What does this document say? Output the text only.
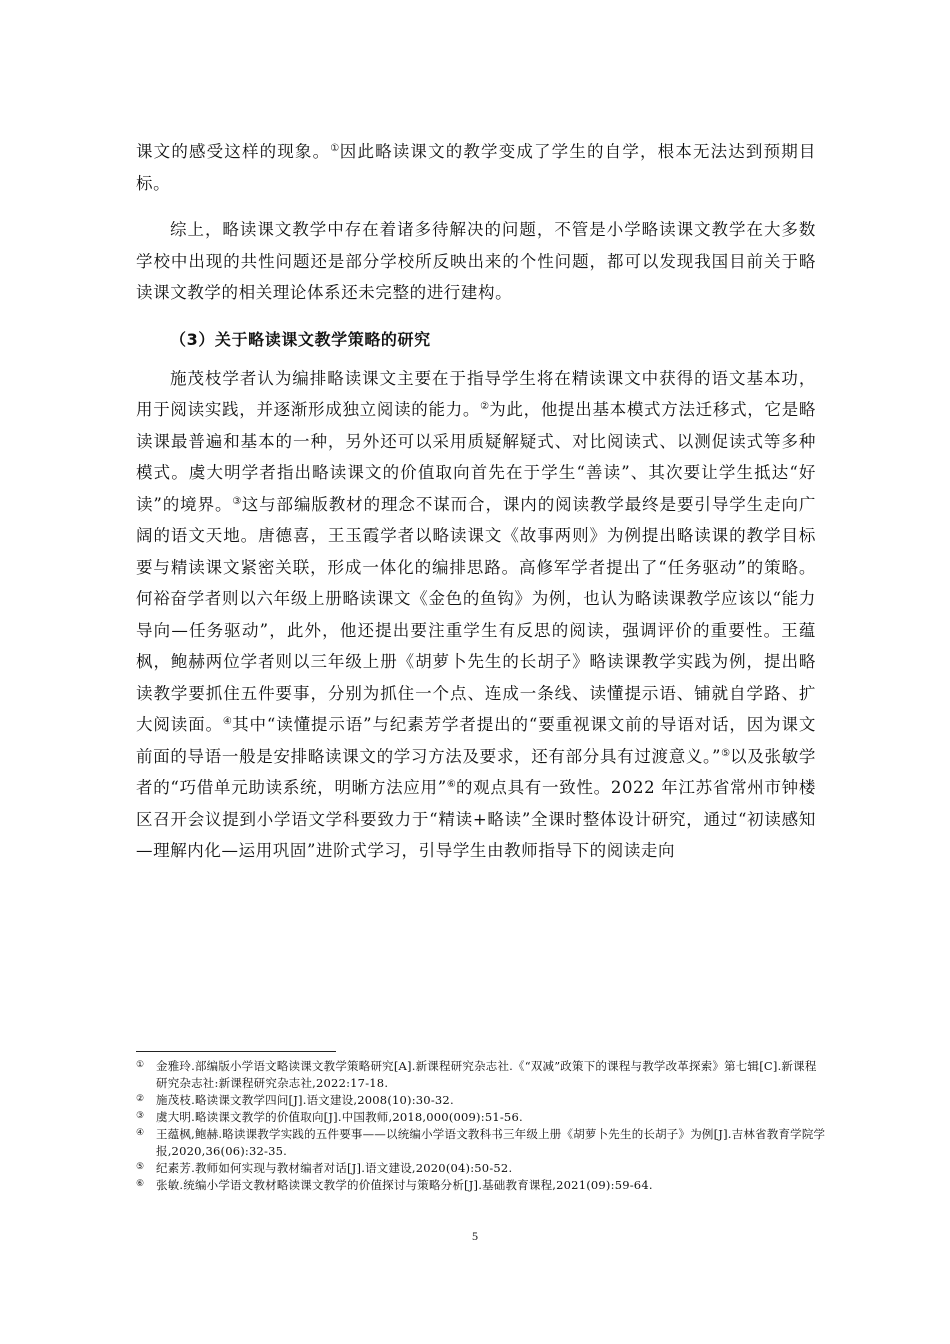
课文的感受这样的现象。①因此略读课文的教学变成了学生的自学，根本无法达到预期目标。

综上，略读课文教学中存在着诸多待解决的问题，不管是小学略读课文教学在大多数学校中出现的共性问题还是部分学校所反映出来的个性问题，都可以发现我国目前关于略读课文教学的相关理论体系还未完整的进行建构。

（3）关于略读课文教学策略的研究

施茂枝学者认为编排略读课文主要在于指导学生将在精读课文中获得的语文基本功，用于阅读实践，并逐渐形成独立阅读的能力。②为此，他提出基本模式方法迁移式，它是略读课最普遍和基本的一种，另外还可以采用质疑解疑式、对比阅读式、以测促读式等多种模式。虞大明学者指出略读课文的价值取向首先在于学生“善读”、其次要让学生抵达“好读”的境界。③这与部编版教材的理念不谋而合，课内的阅读教学最终是要引导学生走向广阔的语文天地。唐德喜，王玉霞学者以略读课文《故事两则》为例提出略读课的教学目标要与精读课文紧密关联，形成一体化的编排思路。高修军学者提出了“任务驱动”的策略。何裕奋学者则以六年级上册略读课文《金色的鱼钩》为例，也认为略读课教学应该以“能力导向—任务驱动”，此外，他还提出要注重学生有反思的阅读，强调评价的重要性。王蕴枫，鲍赫两位学者则以三年级上册《胡萝卜先生的长胡子》略读课教学实践为例，提出略读教学要抓住五件要事，分别为抓住一个点、连成一条线、读懂提示语、铺就自学路、扩大阅读面。④其中“读懂提示语”与纪素芳学者提出的“要重视课文前的导语对话，因为课文前面的导语一般是安排略读课文的学习方法及要求，还有部分具有过渡意义。”⑤以及张敏学者的“巧借单元助读系统，明晰方法应用”⑥的观点具有一致性。2022 年江苏省常州市钟楼区召开会议提到小学语文学科要致力于“精读+略读”全课时整体设计研究，通过“初读感知—理解内化—运用巩固”进阶式学习，引导学生由教师指导下的阅读走向

①	金雅玲.部编版小学语文略读课文教学策略研究[A].新课程研究杂志社.《“双减”政策下的课程与教学改革探索》第七辑[C].新课程研究杂志社:新课程研究杂志社,2022:17-18.

②	施茂枝.略读课文教学四问[J].语文建设,2008(10):30-32.

③	虞大明.略读课文教学的价值取向[J].中国教师,2018,000(009):51-56.

④	王蕴枫,鲍赫.略读课教学实践的五件要事——以统编小学语文教科书三年级上册《胡萝卜先生的长胡子》为例[J].吉林省教育学院学报,2020,36(06):32-35.

⑤	纪素芳.教师如何实现与教材编者对话[J].语文建设,2020(04):50-52.

⑥	张敏.统编小学语文教材略读课文教学的价值探讨与策略分析[J].基础教育课程,2021(09):59-64.

5
